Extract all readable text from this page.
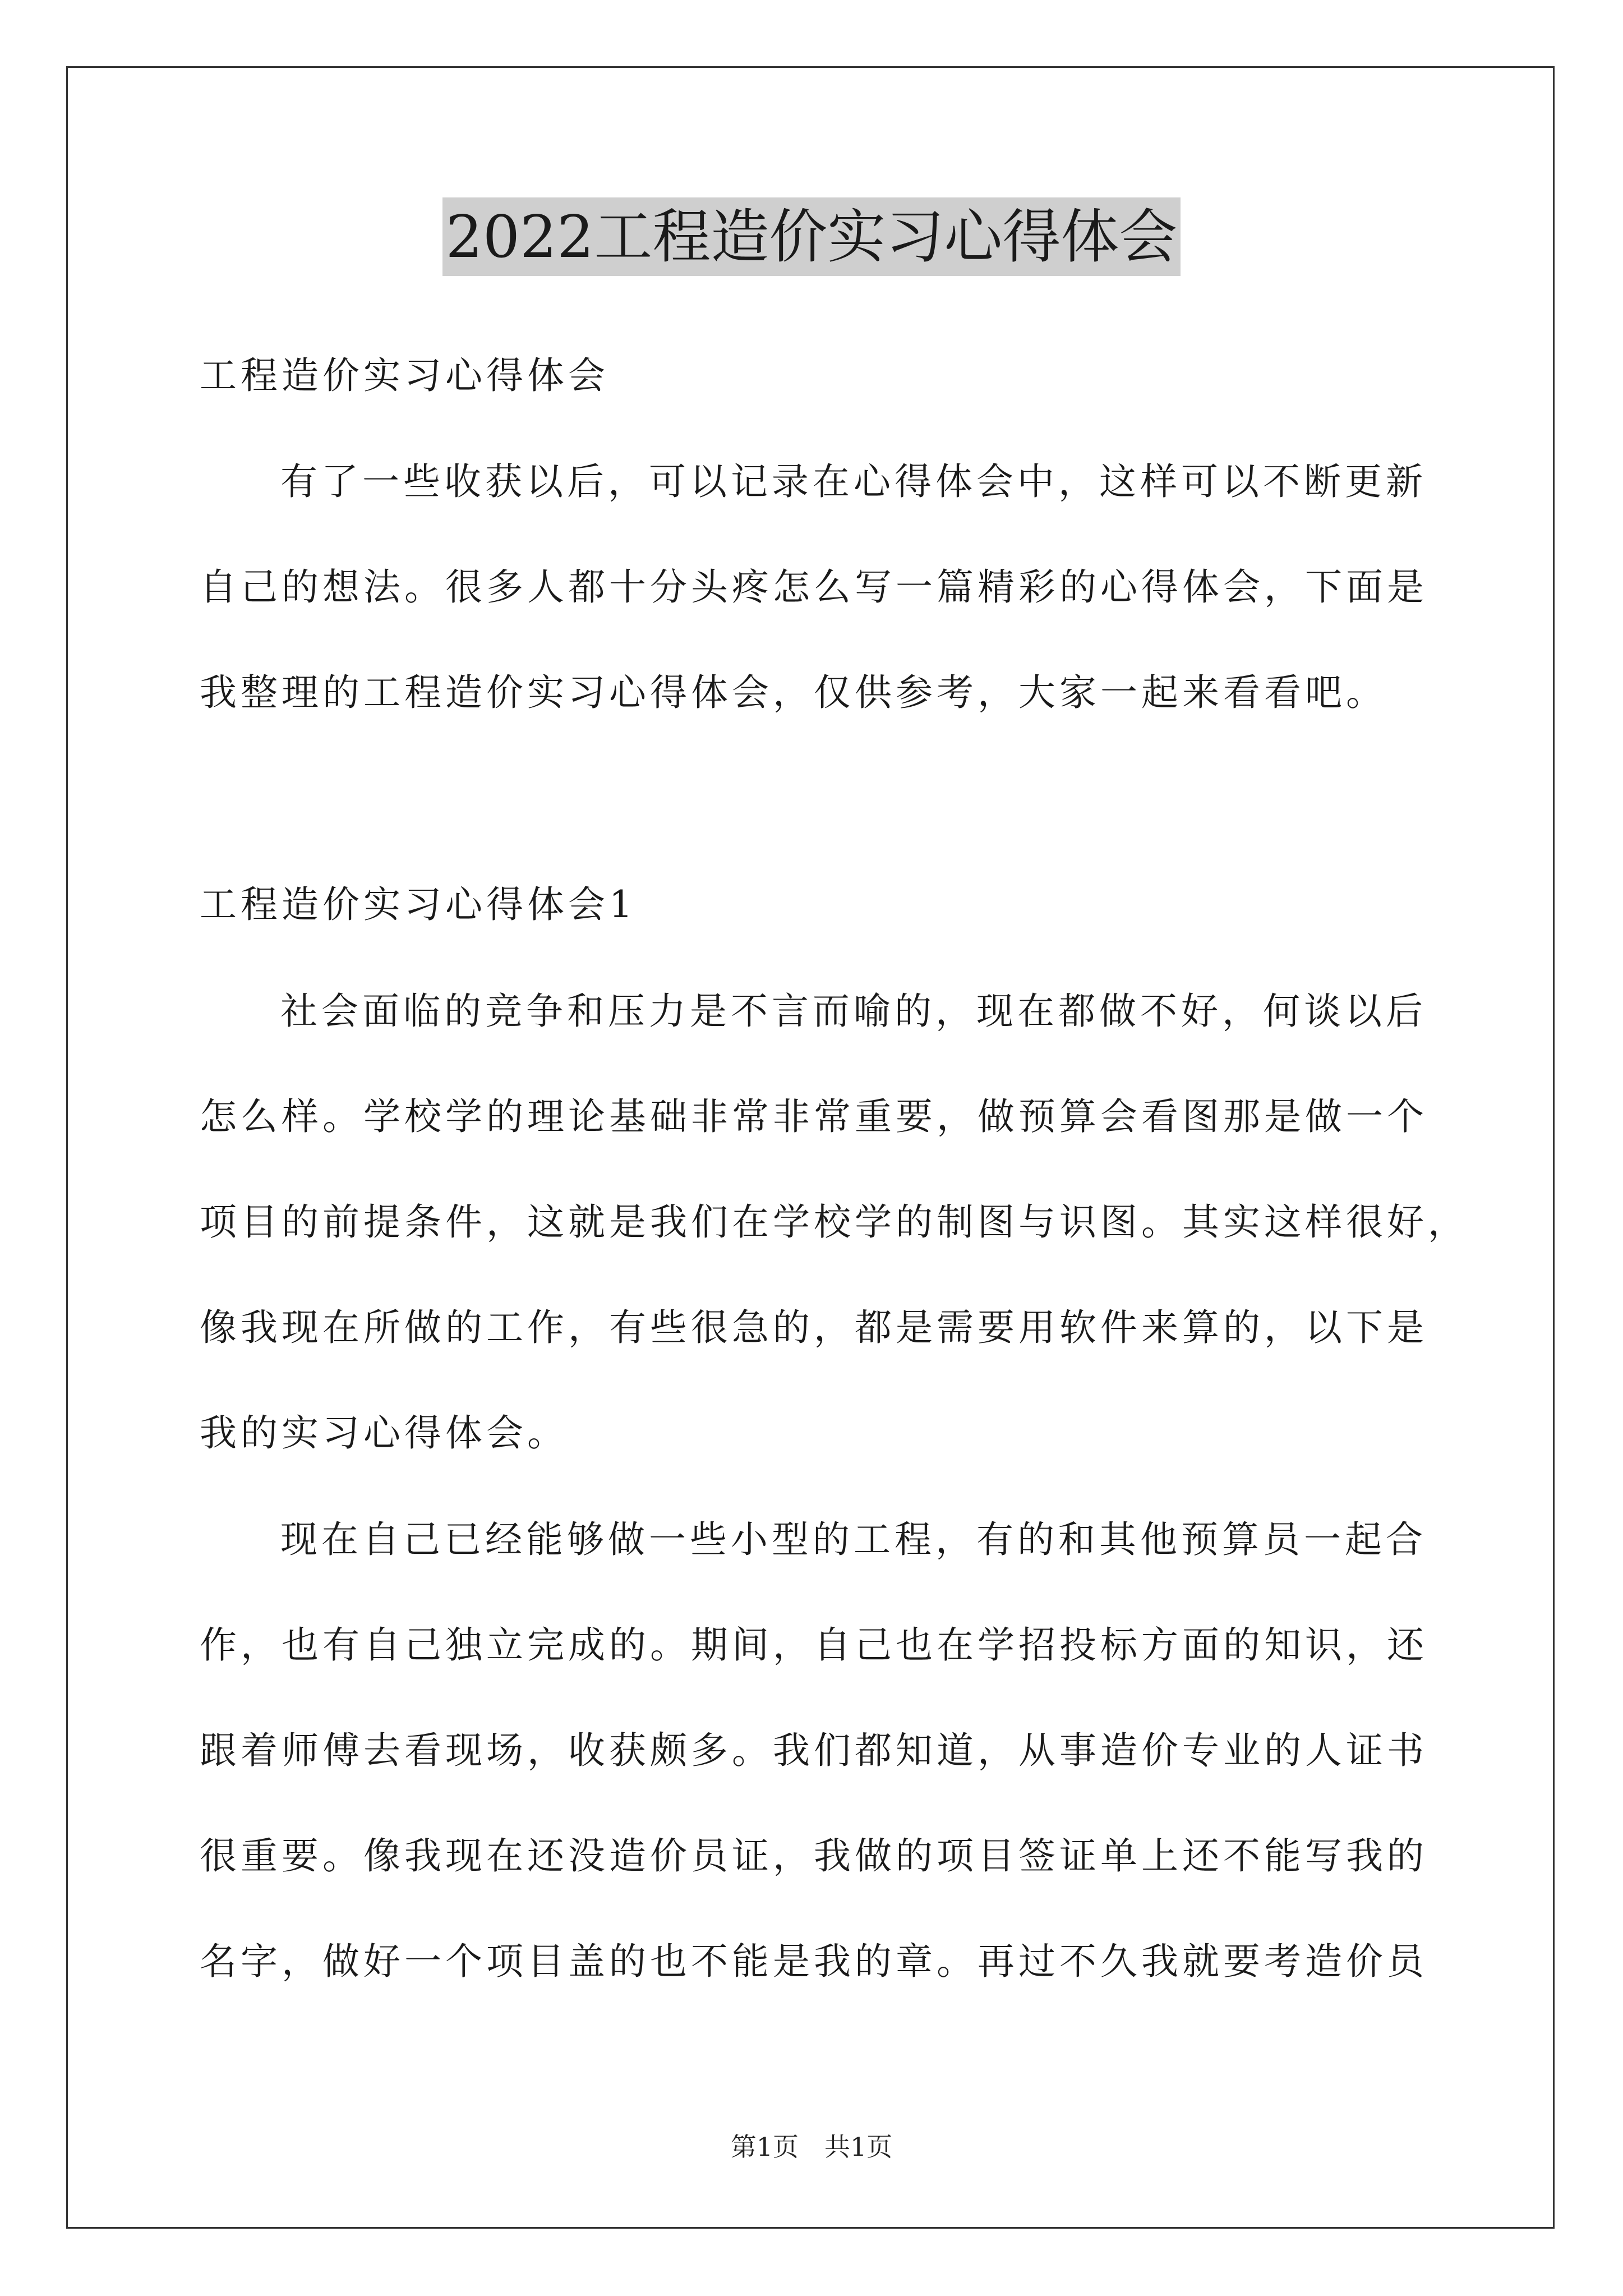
2022工程造价实习心得体会
工程造价实习心得体会
有了一些收获以后，可以记录在心得体会中，这样可以不断更新
自己的想法。很多人都十分头疼怎么写一篇精彩的心得体会，下面是
我整理的工程造价实习心得体会，仅供参考，大家一起来看看吧。
工程造价实习心得体会1
社会面临的竞争和压力是不言而喻的，现在都做不好，何谈以后
怎么样。学校学的理论基础非常非常重要，做预算会看图那是做一个
项目的前提条件，这就是我们在学校学的制图与识图。其实这样很好，
像我现在所做的工作，有些很急的，都是需要用软件来算的，以下是
我的实习心得体会。
现在自己已经能够做一些小型的工程，有的和其他预算员一起合
作，也有自己独立完成的。期间，自己也在学招投标方面的知识，还
跟着师傅去看现场，收获颇多。我们都知道，从事造价专业的人证书
很重要。像我现在还没造价员证，我做的项目签证单上还不能写我的
名字，做好一个项目盖的也不能是我的章。再过不久我就要考造价员
第1页　共1页
